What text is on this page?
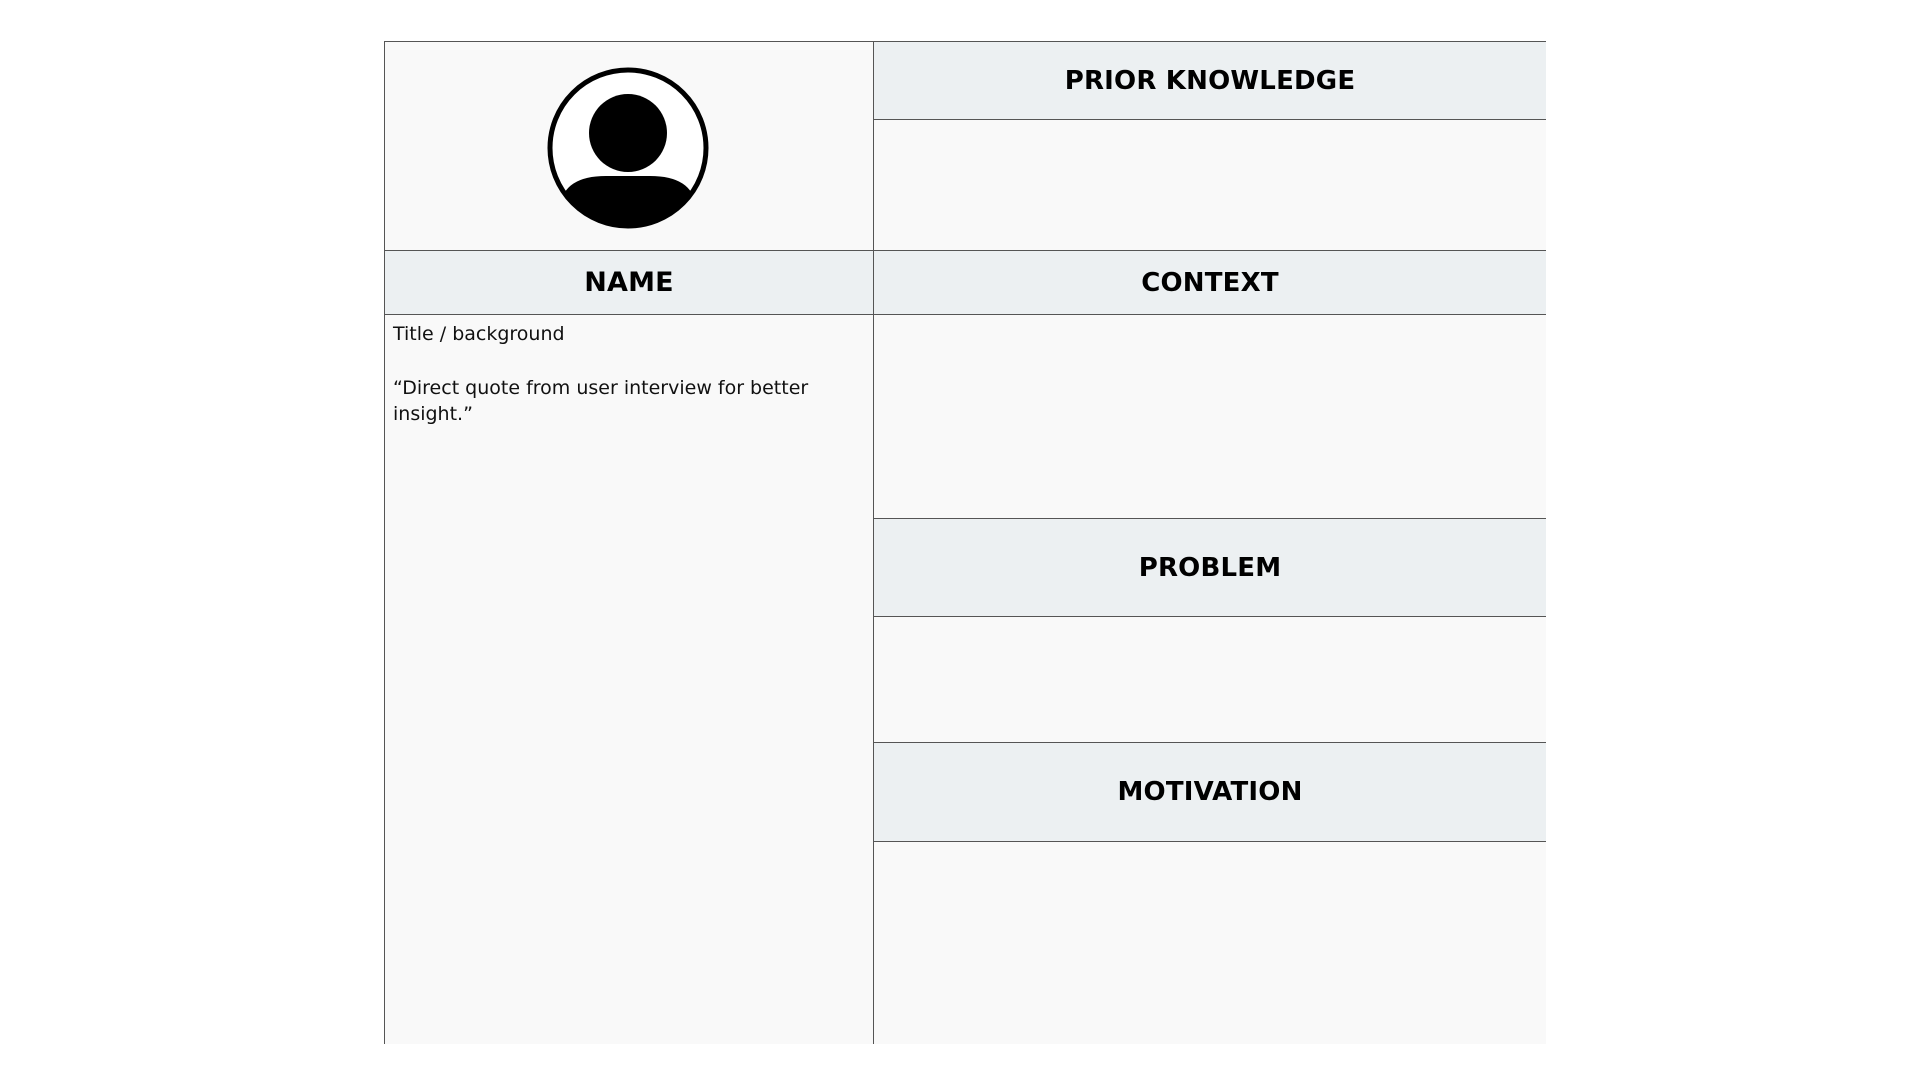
NAME

Title / background

“Direct quote from user interview for better insight.”

PRIOR KNOWLEDGE
CONTEXT
PROBLEM
MOTIVATION
